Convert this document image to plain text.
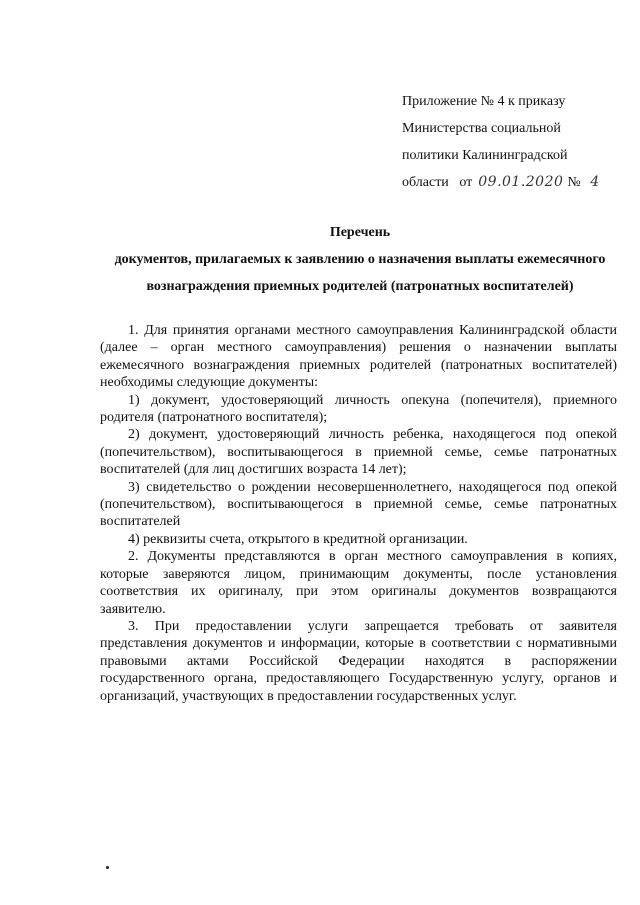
Приложение № 4 к приказу
Министерства социальной
политики Калининградской
области от 09.01.2020 № 4
Перечень
документов, прилагаемых к заявлению о назначения выплаты ежемесячного
вознаграждения приемных родителей (патронатных воспитателей)

1. Для принятия органами местного самоуправления Калининградской области (далее – орган местного самоуправления) решения о назначении выплаты ежемесячного вознаграждения приемных родителей (патронатных воспитателей) необходимы следующие документы:

1) документ, удостоверяющий личность опекуна (попечителя), приемного родителя (патронатного воспитателя);

2) документ, удостоверяющий личность ребенка, находящегося под опекой (попечительством), воспитывающегося в приемной семье, семье патронатных воспитателей (для лиц достигших возраста 14 лет);

3) свидетельство о рождении несовершеннолетнего, находящегося под опекой (попечительством), воспитывающегося в приемной семье, семье патронатных воспитателей

4) реквизиты счета, открытого в кредитной организации.

2. Документы представляются в орган местного самоуправления в копиях, которые заверяются лицом, принимающим документы, после установления соответствия их оригиналу, при этом оригиналы документов возвращаются заявителю.

3. При предоставлении услуги запрещается требовать от заявителя представления документов и информации, которые в соответствии с нормативными правовыми актами Российской Федерации находятся в распоряжении государственного органа, предоставляющего Государственную услугу, органов и организаций, участвующих в предоставлении государственных услуг.
